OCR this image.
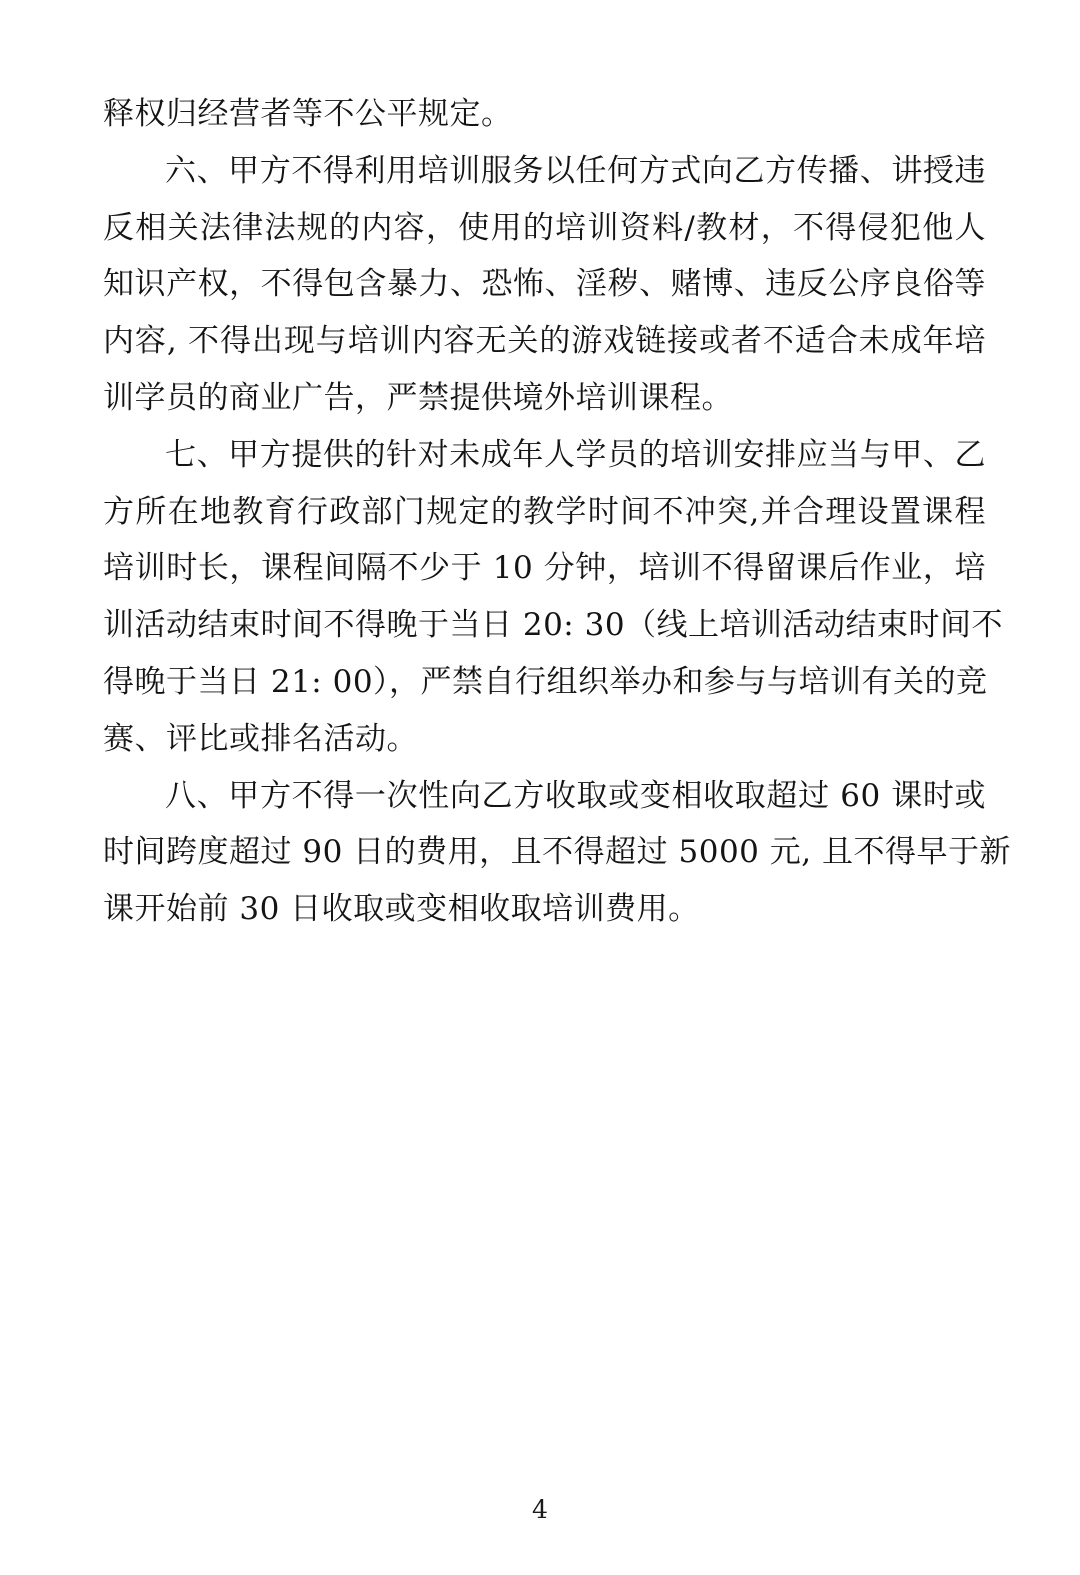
释权归经营者等不公平规定。
六、甲方不得利用培训服务以任何方式向乙方传播、讲授违
反相关法律法规的内容，使用的培训资料/教材，不得侵犯他人
知识产权，不得包含暴力、恐怖、淫秽、赌博、违反公序良俗等
内容, 不得出现与培训内容无关的游戏链接或者不适合未成年培
训学员的商业广告，严禁提供境外培训课程。
七、甲方提供的针对未成年人学员的培训安排应当与甲、乙
方所在地教育行政部门规定的教学时间不冲突,并合理设置课程
培训时长，课程间隔不少于 10 分钟，培训不得留课后作业，培
训活动结束时间不得晚于当日 20: 30（线上培训活动结束时间不
得晚于当日 21: 00），严禁自行组织举办和参与与培训有关的竞
赛、评比或排名活动。
八、甲方不得一次性向乙方收取或变相收取超过 60 课时或
时间跨度超过 90 日的费用，且不得超过 5000 元, 且不得早于新
课开始前 30 日收取或变相收取培训费用。
4
